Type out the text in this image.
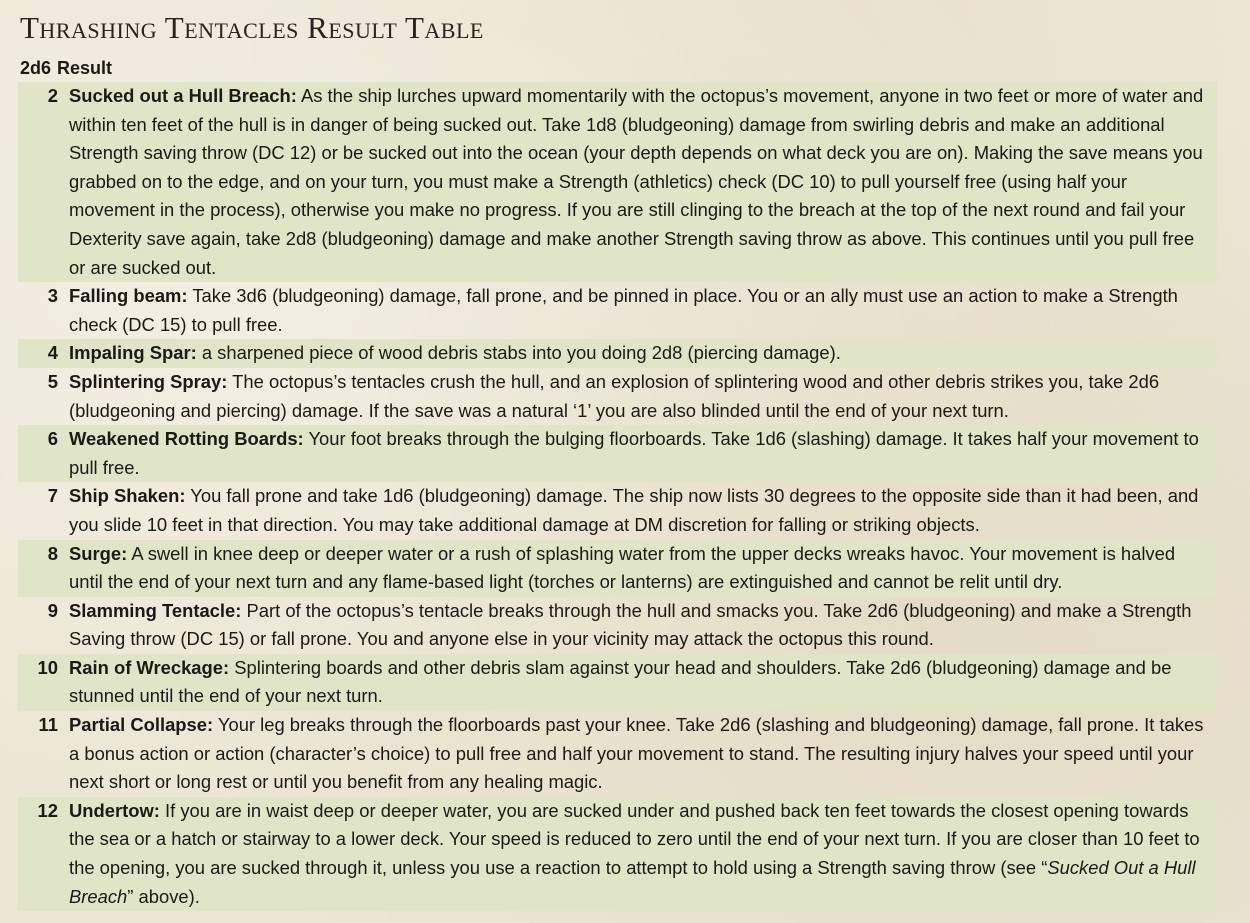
Thrashing Tentacles Result Table
2d6 Result
2 Sucked out a Hull Breach: As the ship lurches upward momentarily with the octopus’s movement, anyone in two feet or more of water and within ten feet of the hull is in danger of being sucked out. Take 1d8 (bludgeoning) damage from swirling debris and make an additional Strength saving throw (DC 12) or be sucked out into the ocean (your depth depends on what deck you are on). Making the save means you grabbed on to the edge, and on your turn, you must make a Strength (athletics) check (DC 10) to pull yourself free (using half your movement in the process), otherwise you make no progress. If you are still clinging to the breach at the top of the next round and fail your Dexterity save again, take 2d8 (bludgeoning) damage and make another Strength saving throw as above. This continues until you pull free or are sucked out.
3 Falling beam: Take 3d6 (bludgeoning) damage, fall prone, and be pinned in place. You or an ally must use an action to make a Strength check (DC 15) to pull free.
4 Impaling Spar: a sharpened piece of wood debris stabs into you doing 2d8 (piercing damage).
5 Splintering Spray: The octopus’s tentacles crush the hull, and an explosion of splintering wood and other debris strikes you, take 2d6 (bludgeoning and piercing) damage. If the save was a natural ‘1’ you are also blinded until the end of your next turn.
6 Weakened Rotting Boards: Your foot breaks through the bulging floorboards. Take 1d6 (slashing) damage. It takes half your movement to pull free.
7 Ship Shaken: You fall prone and take 1d6 (bludgeoning) damage. The ship now lists 30 degrees to the opposite side than it had been, and you slide 10 feet in that direction. You may take additional damage at DM discretion for falling or striking objects.
8 Surge: A swell in knee deep or deeper water or a rush of splashing water from the upper decks wreaks havoc. Your movement is halved until the end of your next turn and any flame-based light (torches or lanterns) are extinguished and cannot be relit until dry.
9 Slamming Tentacle: Part of the octopus’s tentacle breaks through the hull and smacks you. Take 2d6 (bludgeoning) and make a Strength Saving throw (DC 15) or fall prone. You and anyone else in your vicinity may attack the octopus this round.
10 Rain of Wreckage: Splintering boards and other debris slam against your head and shoulders. Take 2d6 (bludgeoning) damage and be stunned until the end of your next turn.
11 Partial Collapse: Your leg breaks through the floorboards past your knee. Take 2d6 (slashing and bludgeoning) damage, fall prone. It takes a bonus action or action (character’s choice) to pull free and half your movement to stand. The resulting injury halves your speed until your next short or long rest or until you benefit from any healing magic.
12 Undertow: If you are in waist deep or deeper water, you are sucked under and pushed back ten feet towards the closest opening towards the sea or a hatch or stairway to a lower deck. Your speed is reduced to zero until the end of your next turn. If you are closer than 10 feet to the opening, you are sucked through it, unless you use a reaction to attempt to hold using a Strength saving throw (see “Sucked Out a Hull Breach” above).
